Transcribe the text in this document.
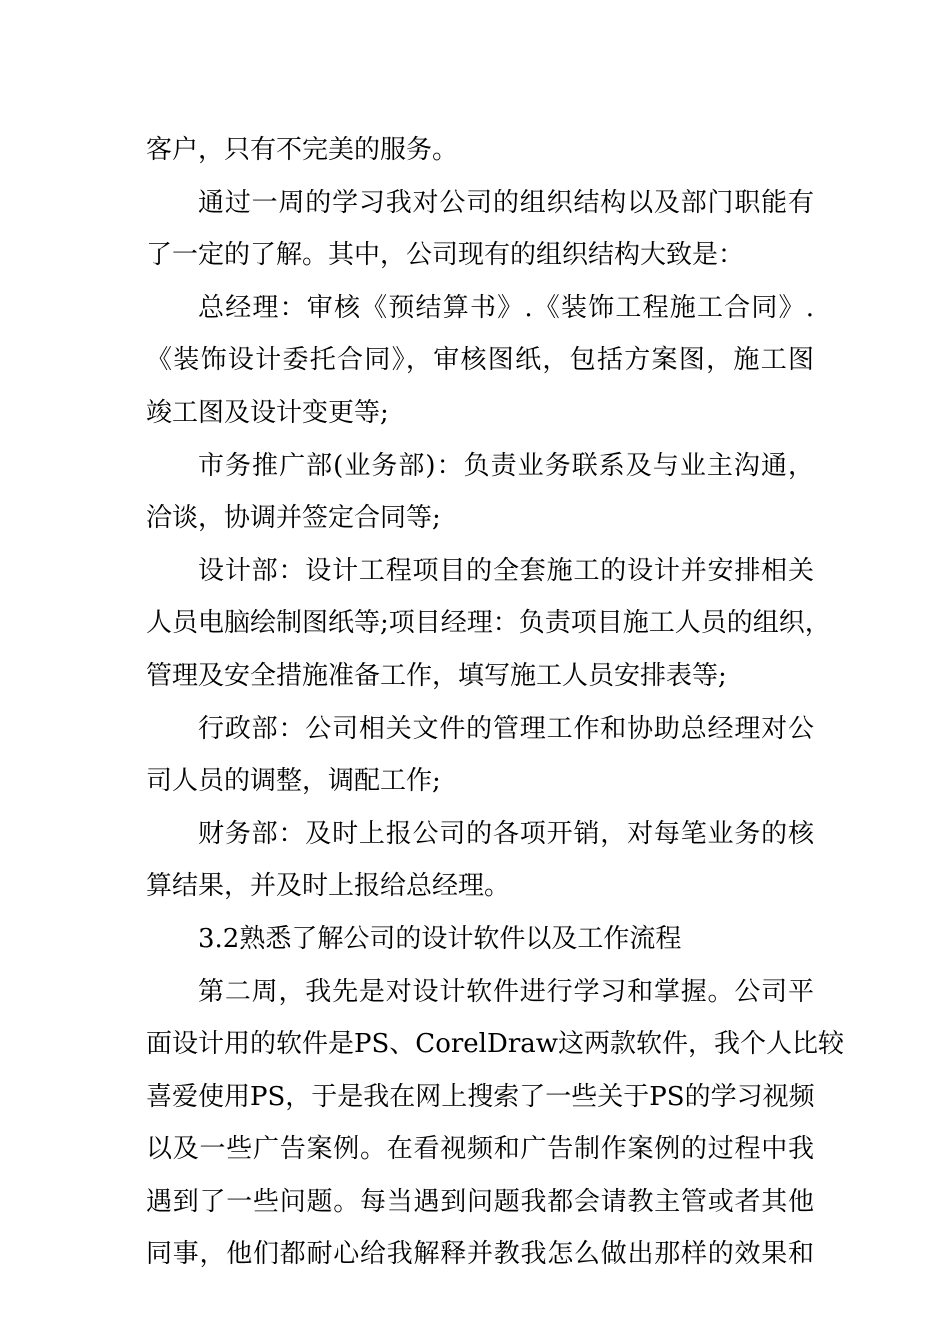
客户，只有不完美的服务。
通过一周的学习我对公司的组织结构以及部门职能有
了一定的了解。其中，公司现有的组织结构大致是：
总经理：审核《预结算书》.《装饰工程施工合同》.
《装饰设计委托合同》，审核图纸，包括方案图，施工图
竣工图及设计变更等;
市务推广部(业务部)：负责业务联系及与业主沟通，
洽谈，协调并签定合同等;
设计部：设计工程项目的全套施工的设计并安排相关
人员电脑绘制图纸等;项目经理：负责项目施工人员的组织，
管理及安全措施准备工作，填写施工人员安排表等;
行政部：公司相关文件的管理工作和协助总经理对公
司人员的调整，调配工作;
财务部：及时上报公司的各项开销，对每笔业务的核
算结果，并及时上报给总经理。
3.2熟悉了解公司的设计软件以及工作流程
第二周，我先是对设计软件进行学习和掌握。公司平
面设计用的软件是PS、CorelDraw这两款软件，我个人比较
喜爱使用PS，于是我在网上搜索了一些关于PS的学习视频
以及一些广告案例。在看视频和广告制作案例的过程中我
遇到了一些问题。每当遇到问题我都会请教主管或者其他
同事，他们都耐心给我解释并教我怎么做出那样的效果和
